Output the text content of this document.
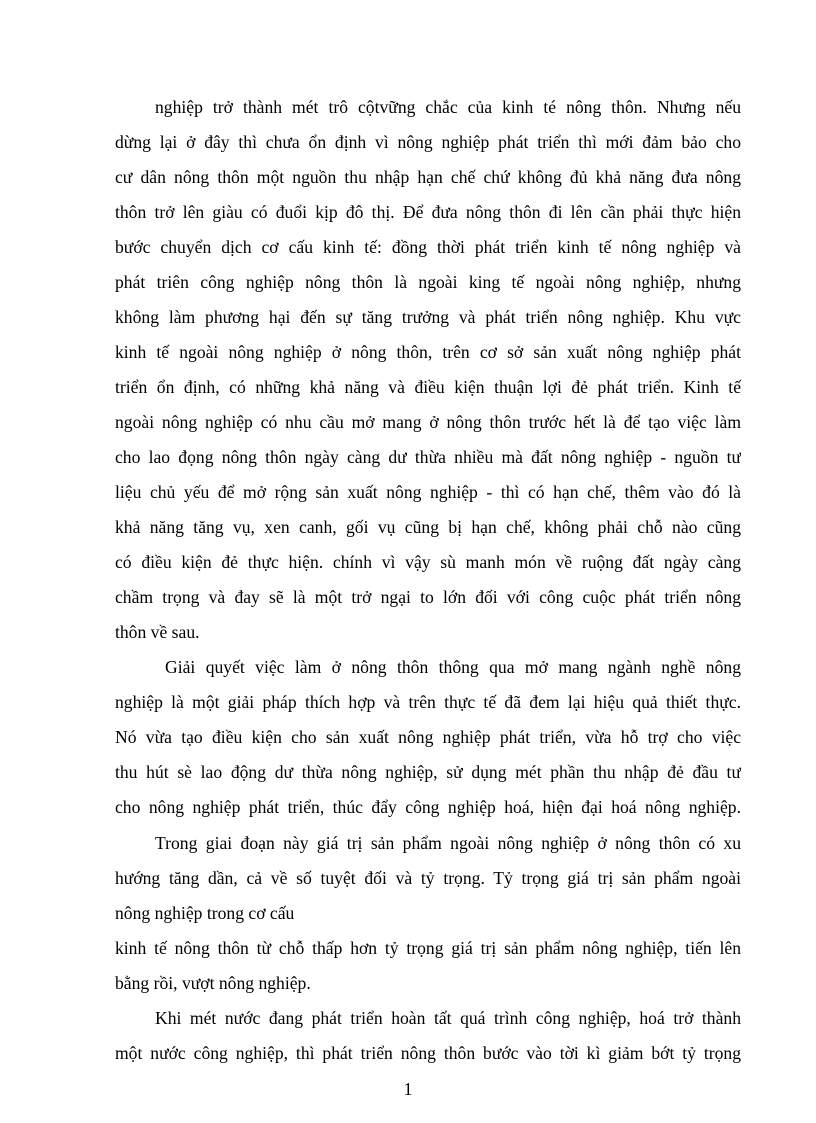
nghiệp trở thành mét trô cộtvững chắc của kinh té nông thôn. Nhưng nếu
dừng lại ở đây thì chưa ổn định vì nông nghiệp phát triển thì mới đảm bảo cho
cư dân nông thôn một nguồn thu nhập hạn chế chứ không đủ khả năng đưa nông
thôn trở lên giàu có đuổi kịp đô thị. Để đưa nông thôn đi lên cần phải thực hiện
bước chuyển dịch cơ cấu kinh tế: đồng thời phát triển kinh tế nông nghiệp và
phát triên công nghiệp nông thôn là ngoài king tế ngoài nông nghiệp, nhưng
không làm phương hại đến sự tăng trưởng và phát triển nông nghiệp. Khu vực
kinh tế ngoài nông nghiệp ở nông thôn, trên cơ sở sản xuất nông nghiệp phát
triển ổn định, có những khả năng và điều kiện thuận lợi đẻ phát triển. Kinh tế
ngoài nông nghiệp có nhu cầu mở mang ở nông thôn trước hết là để tạo việc làm
cho lao đọng nông thôn ngày càng dư thừa nhiều mà đất nông nghiệp - nguồn tư
liệu chủ yếu để mở rộng sản xuất nông nghiệp - thì có hạn chế, thêm vào đó là
khả năng tăng vụ, xen canh, gối vụ cũng bị hạn chế, không phải chỗ nào cũng
có điều kiện đẻ thực hiện. chính vì vậy sù manh món về ruộng đất ngày càng
chầm trọng và đay sẽ là một trở ngại to lớn đối với công cuộc phát triển nông
thôn về sau.
Giải quyết việc làm ở nông thôn thông qua mở mang ngành nghề nông
nghiệp là một giải pháp thích hợp và trên thực tế đã đem lại hiệu quả thiết thực.
Nó vừa tạo điều kiện cho sản xuất nông nghiệp phát triển, vừa hỗ trợ cho việc
thu hút sè lao động dư thừa nông nghiệp, sử dụng mét phần thu nhập đẻ đầu tư
cho nông nghiệp phát triển, thúc đẩy công nghiệp hoá, hiện đại hoá nông nghiệp.
Trong giai đoạn này giá trị sản phẩm ngoài nông nghiệp ở nông thôn có xu
hướng tăng dần, cả về số tuyệt đối và tỷ trọng. Tỷ trọng giá trị sản phẩm ngoài
nông nghiệp trong cơ cấu
kinh tế nông thôn từ chỗ thấp hơn tỷ trọng giá trị sản phẩm nông nghiệp, tiến lên
bằng rồi, vượt nông nghiệp.
Khi mét nước đang phát triển hoàn tất quá trình công nghiệp, hoá trở thành
một nước công nghiệp, thì phát triển nông thôn bước vào tời kì giảm bớt tỷ trọng
1
